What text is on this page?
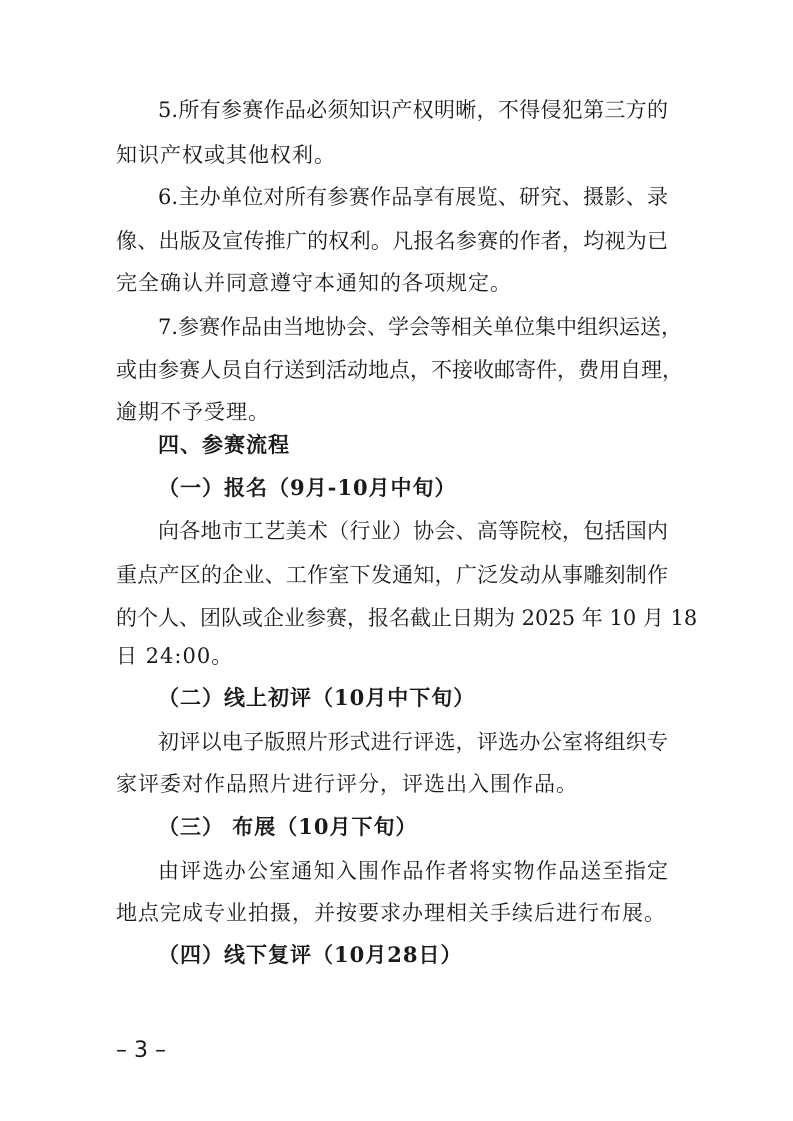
5.所有参赛作品必须知识产权明晰，不得侵犯第三方的
知识产权或其他权利。
6.主办单位对所有参赛作品享有展览、研究、摄影、录
像、出版及宣传推广的权利。凡报名参赛的作者，均视为已
完全确认并同意遵守本通知的各项规定。
7.参赛作品由当地协会、学会等相关单位集中组织运送，
或由参赛人员自行送到活动地点，不接收邮寄件，费用自理，
逾期不予受理。
四、参赛流程
（一）报名（9月-10月中旬）
向各地市工艺美术（行业）协会、高等院校，包括国内
重点产区的企业、工作室下发通知，广泛发动从事雕刻制作
的个人、团队或企业参赛，报名截止日期为 2025 年 10 月 18
日 24:00。
（二）线上初评（10月中下旬）
初评以电子版照片形式进行评选，评选办公室将组织专
家评委对作品照片进行评分，评选出入围作品。
（三） 布展（10月下旬）
由评选办公室通知入围作品作者将实物作品送至指定
地点完成专业拍摄，并按要求办理相关手续后进行布展。
（四）线下复评（10月28日）
– 3 –
